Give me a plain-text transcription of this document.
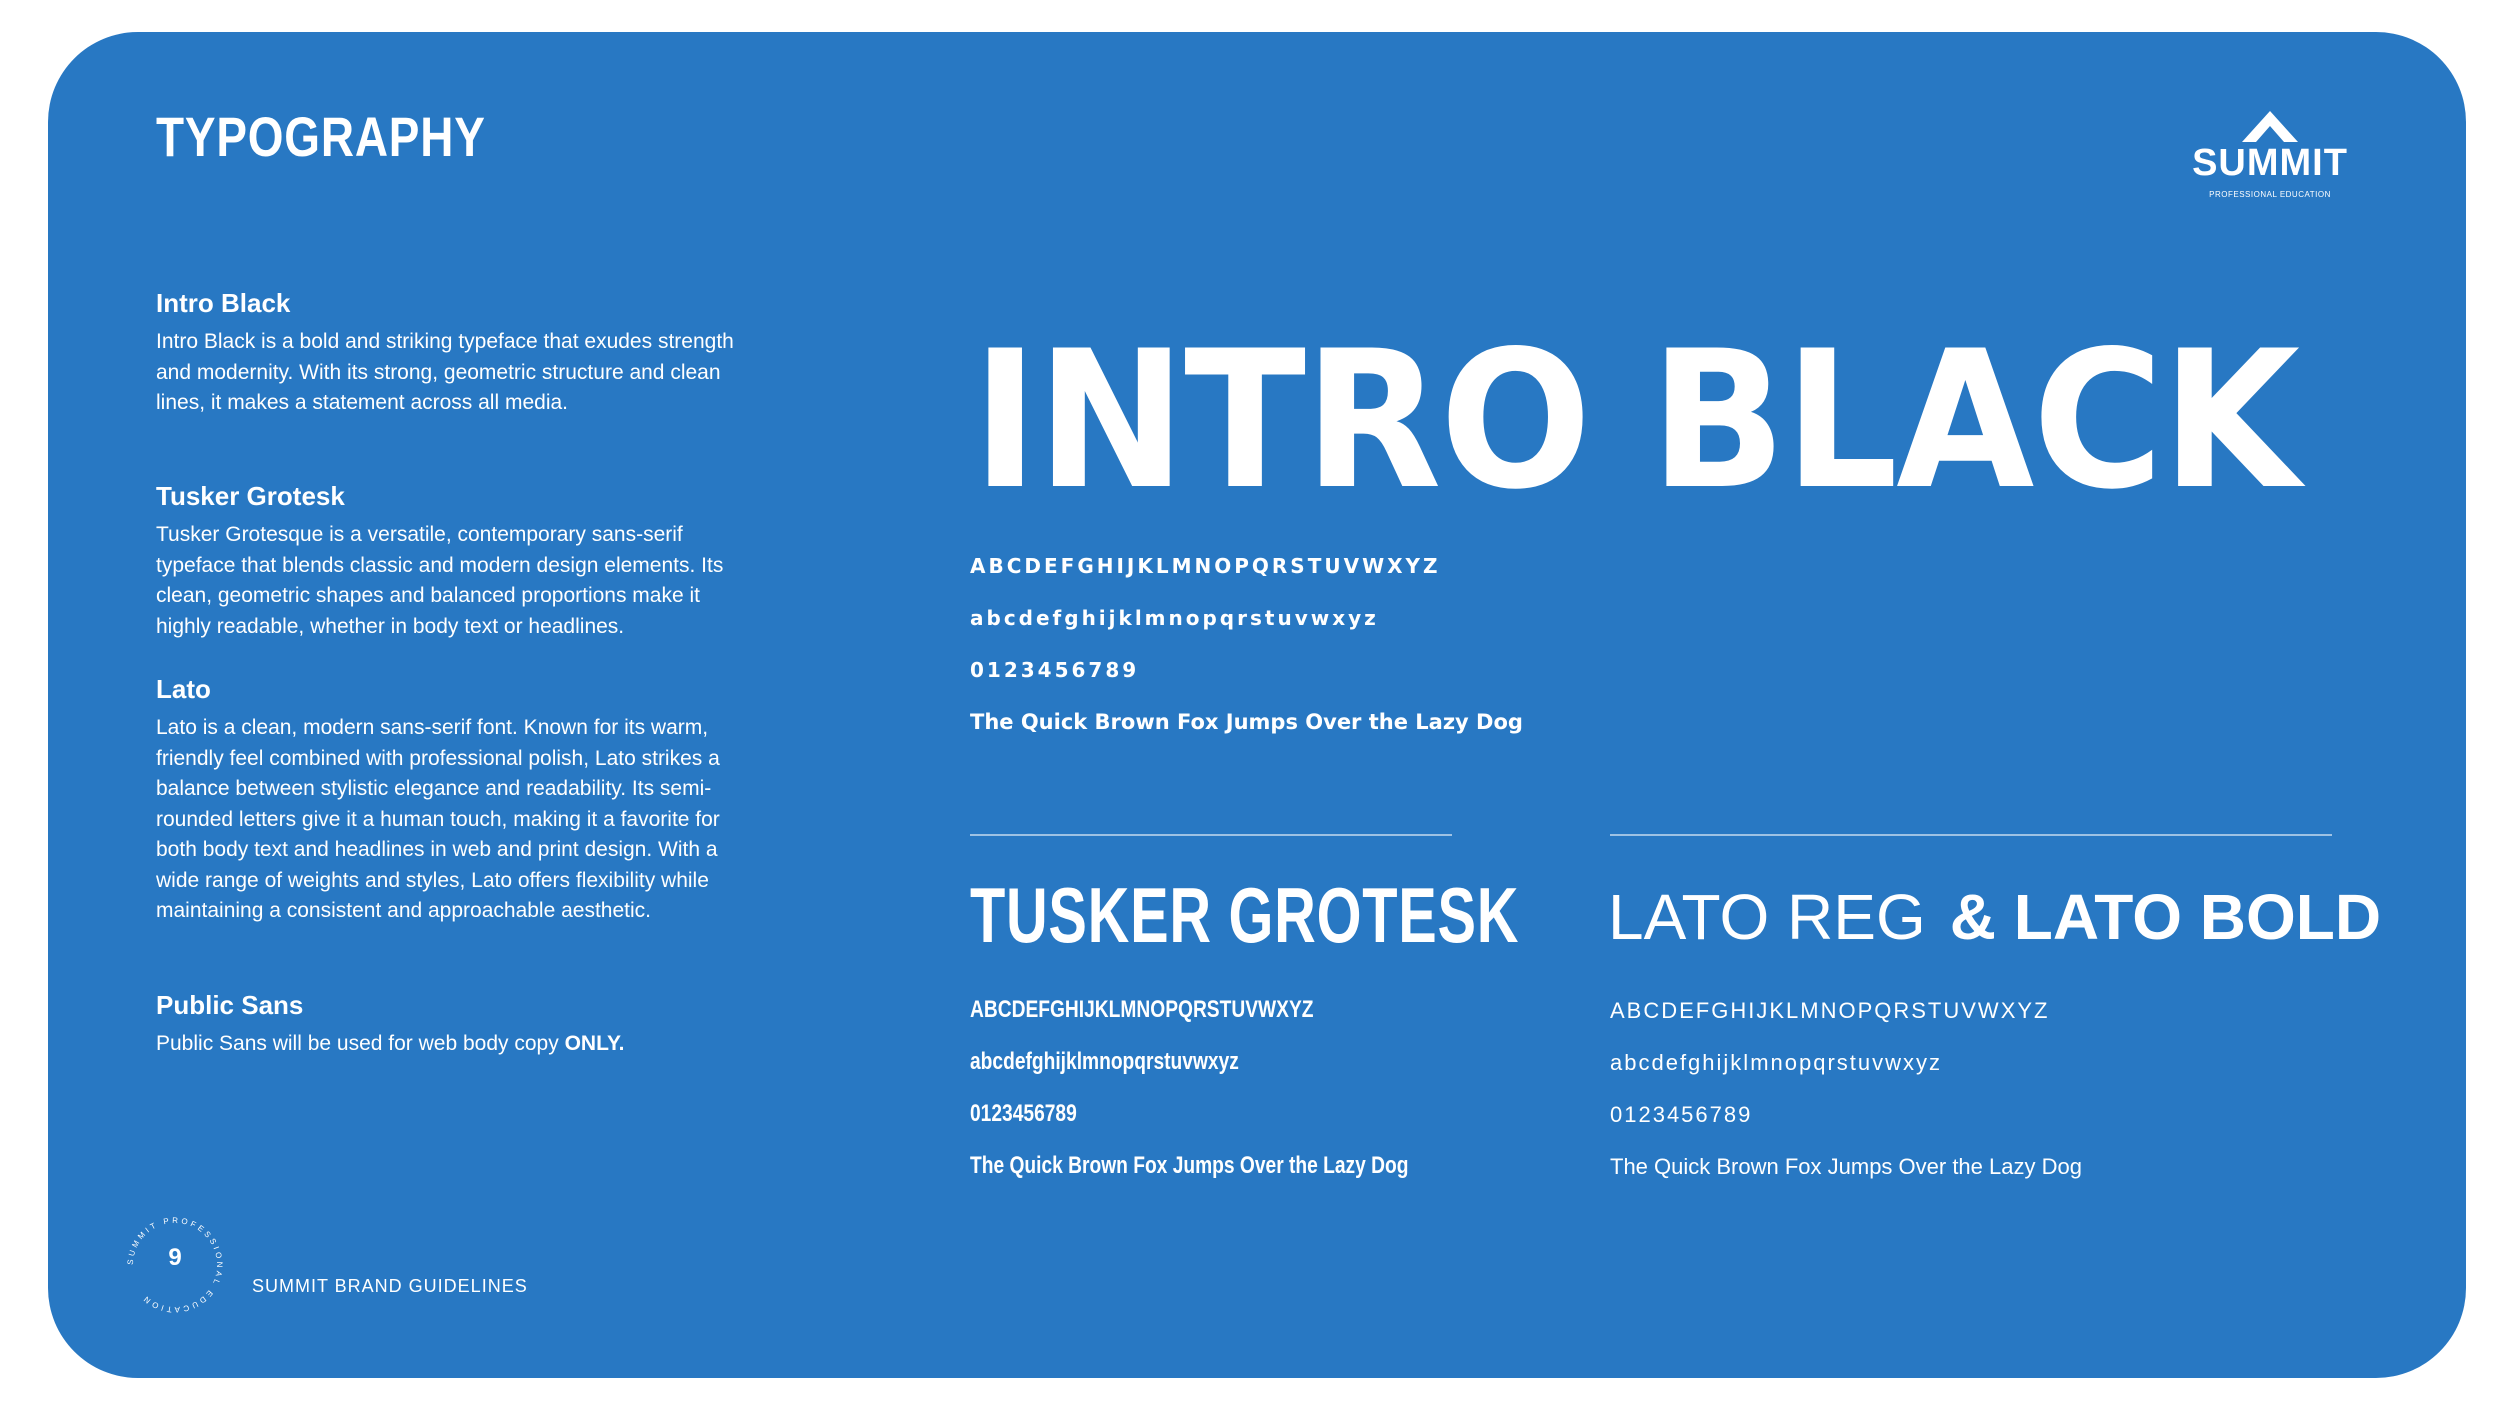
TYPOGRAPHY	SUMMIT
PROFESSIONAL EDUCATION
Intro Black
Intro Black is a bold and striking typeface that exudes strength and modernity. With its strong, geometric structure and clean lines, it makes a statement across all media.
Tusker Grotesk
Tusker Grotesque is a versatile, contemporary sans-serif typeface that blends classic and modern design elements. Its clean, geometric shapes and balanced proportions make it highly readable, whether in body text or headlines.
Lato
Lato is a clean, modern sans-serif font. Known for its warm, friendly feel combined with professional polish, Lato strikes a balance between stylistic elegance and readability. Its semi-rounded letters give it a human touch, making it a favorite for both body text and headlines in web and print design. With a wide range of weights and styles, Lato offers flexibility while maintaining a consistent and approachable aesthetic.
Public Sans
Public Sans will be used for web body copy ONLY.
INTRO BLACK
ABCDEFGHIJKLMNOPQRSTUVWXYZ
abcdefghijklmnopqrstuvwxyz
0123456789
The Quick Brown Fox Jumps Over the Lazy Dog
TUSKER GROTESK
ABCDEFGHIJKLMNOPQRSTUVWXYZ
abcdefghijklmnopqrstuvwxyz
0123456789
The Quick Brown Fox Jumps Over the Lazy Dog
LATO REG & LATO BOLD
ABCDEFGHIJKLMNOPQRSTUVWXYZ
abcdefghijklmnopqrstuvwxyz
0123456789
The Quick Brown Fox Jumps Over the Lazy Dog
SUMMIT PROFESSIONAL EDUCATION
9
SUMMIT BRAND GUIDELINES
